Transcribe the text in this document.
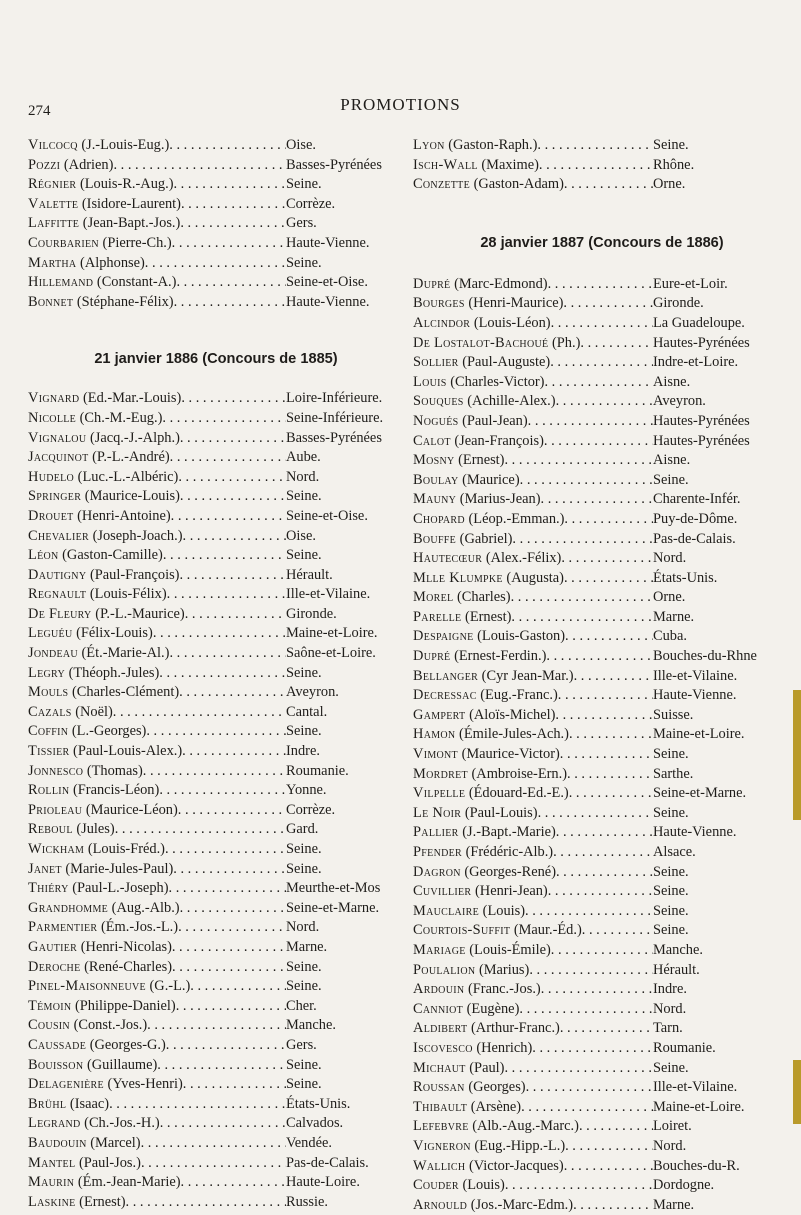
274	PROMOTIONS
Vilcocq (J.-Louis-Eug.) . . .	Oise.
Pozzi (Adrien) . . .	Basses-Pyrénées
Régnier (Louis-R.-Aug.) . . .	Seine.
Valette (Isidore-Laurent) . . .	Corrèze.
Laffitte (Jean-Bapt.-Jos.) . . .	Gers.
Courbarien (Pierre-Ch.) . . .	Haute-Vienne.
Martha (Alphonse) . . .	Seine.
Hillemand (Constant-A.) . . .	Seine-et-Oise.
Bonnet (Stéphane-Félix) . . .	Haute-Vienne.
21 janvier 1886 (Concours de 1885)
Vignard (Ed.-Mar.-Louis) . . .	Loire-Inférieure.
Nicolle (Ch.-M.-Eug.) . . .	Seine-Inférieure.
Vignalou (Jacq.-J.-Alph.) . . .	Basses-Pyrénées
Jacquinot (P.-L.-André) . . .	Aube.
Hudelo (Luc.-L.-Albéric) . . .	Nord.
Springer (Maurice-Louis) . . .	Seine.
Drouet (Henri-Antoine) . . .	Seine-et-Oise.
Chevalier (Joseph-Joach.) . . .	Oise.
Léon (Gaston-Camille) . . .	Seine.
Dautigny (Paul-François) . . .	Hérault.
Regnault (Louis-Félix) . . .	Ille-et-Vilaine.
De Fleury (P.-L.-Maurice) . . .	Gironde.
Leguéu (Félix-Louis) . . .	Maine-et-Loire.
Jondeau (Ét.-Marie-Al.) . . .	Saône-et-Loire.
Legry (Théoph.-Jules) . . .	Seine.
Mouls (Charles-Clément) . . .	Aveyron.
Cazals (Noël) . . .	Cantal.
Coffin (L.-Georges) . . .	Seine.
Tissier (Paul-Louis-Alex.) . . .	Indre.
Jonnesco (Thomas) . . .	Roumanie.
Rollin (Francis-Léon) . . .	Yonne.
Prioleau (Maurice-Léon) . . .	Corrèze.
Reboul (Jules) . . .	Gard.
Wickham (Louis-Fréd.) . . .	Seine.
Janet (Marie-Jules-Paul) . . .	Seine.
Thiéry (Paul-L.-Joseph) . . .	Meurthe-et-Mos
Grandhomme (Aug.-Alb.) . . .	Seine-et-Marne.
Parmentier (Ém.-Jos.-L.) . . .	Nord.
Gautier (Henri-Nicolas) . . .	Marne.
Deroche (René-Charles) . . .	Seine.
Pinel-Maisonneuve (G.-L.) . . .	Seine.
Témoin (Philippe-Daniel) . . .	Cher.
Cousin (Const.-Jos.) . . .	Manche.
Caussade (Georges-G.) . . .	Gers.
Bouisson (Guillaume) . . .	Seine.
Delagenière (Yves-Henri) . . .	Seine.
Brühl (Isaac) . . .	États-Unis.
Legrand (Ch.-Jos.-H.) . . .	Calvados.
Baudouin (Marcel) . . .	Vendée.
Mantel (Paul-Jos.) . . .	Pas-de-Calais.
Maurin (Ém.-Jean-Marie) . . .	Haute-Loire.
Laskine (Ernest) . . .	Russie.
Lyon (Gaston-Raph.) . . .	Seine.
Isch-Wall (Maxime) . . .	Rhône.
Conzette (Gaston-Adam) . . .	Orne.
28 janvier 1887 (Concours de 1886)
Dupré (Marc-Edmond) . . .	Eure-et-Loir.
Bourges (Henri-Maurice) . . .	Gironde.
Alcindor (Louis-Léon) . . .	La Guadeloupe.
De Lostalot-Bachoué (Ph.) . . .	Hautes-Pyrénées
Sollier (Paul-Auguste) . . .	Indre-et-Loire.
Louis (Charles-Victor) . . .	Aisne.
Souques (Achille-Alex.) . . .	Aveyron.
Nogués (Paul-Jean) . . .	Hautes-Pyrénées
Calot (Jean-François) . . .	Hautes-Pyrénées
Mosny (Ernest) . . .	Aisne.
Boulay (Maurice) . . .	Seine.
Mauny (Marius-Jean) . . .	Charente-Infér.
Chopard (Léop.-Emman.) . . .	Puy-de-Dôme.
Bouffe (Gabriel) . . .	Pas-de-Calais.
Hautecœur (Alex.-Félix) . . .	Nord.
Mlle Klumpke (Augusta) . . .	États-Unis.
Morel (Charles) . . .	Orne.
Parelle (Ernest) . . .	Marne.
Despaigne (Louis-Gaston) . . .	Cuba.
Dupré (Ernest-Ferdin.) . . .	Bouches-du-Rhne
Bellanger (Cyr Jean-Mar.) . . .	Ille-et-Vilaine.
Decressac (Eug.-Franc.) . . .	Haute-Vienne.
Gampert (Aloïs-Michel) . . .	Suisse.
Hamon (Émile-Jules-Ach.) . . .	Maine-et-Loire.
Vimont (Maurice-Victor) . . .	Seine.
Mordret (Ambroise-Ern.) . . .	Sarthe.
Vilpelle (Édouard-Ed.-E.) . . .	Seine-et-Marne.
Le Noir (Paul-Louis) . . .	Seine.
Pallier (J.-Bapt.-Marie) . . .	Haute-Vienne.
Pfender (Frédéric-Alb.) . . .	Alsace.
Dagron (Georges-René) . . .	Seine.
Cuvillier (Henri-Jean) . . .	Seine.
Mauclaire (Louis) . . .	Seine.
Courtois-Suffit (Maur.-Éd.) . . .	Seine.
Mariage (Louis-Émile) . . .	Manche.
Poulalion (Marius) . . .	Hérault.
Ardouin (Franc.-Jos.) . . .	Indre.
Canniot (Eugène) . . .	Nord.
Aldibert (Arthur-Franc.) . . .	Tarn.
Iscovesco (Henrich) . . .	Roumanie.
Michaut (Paul) . . .	Seine.
Roussan (Georges) . . .	Ille-et-Vilaine.
Thibault (Arsène) . . .	Maine-et-Loire.
Lefebvre (Alb.-Aug.-Marc.) . . .	Loiret.
Vigneron (Eug.-Hipp.-L.) . . .	Nord.
Wallich (Victor-Jacques) . . .	Bouches-du-R.
Couder (Louis) . . .	Dordogne.
Arnould (Jos.-Marc-Edm.) . . .	Marne.
